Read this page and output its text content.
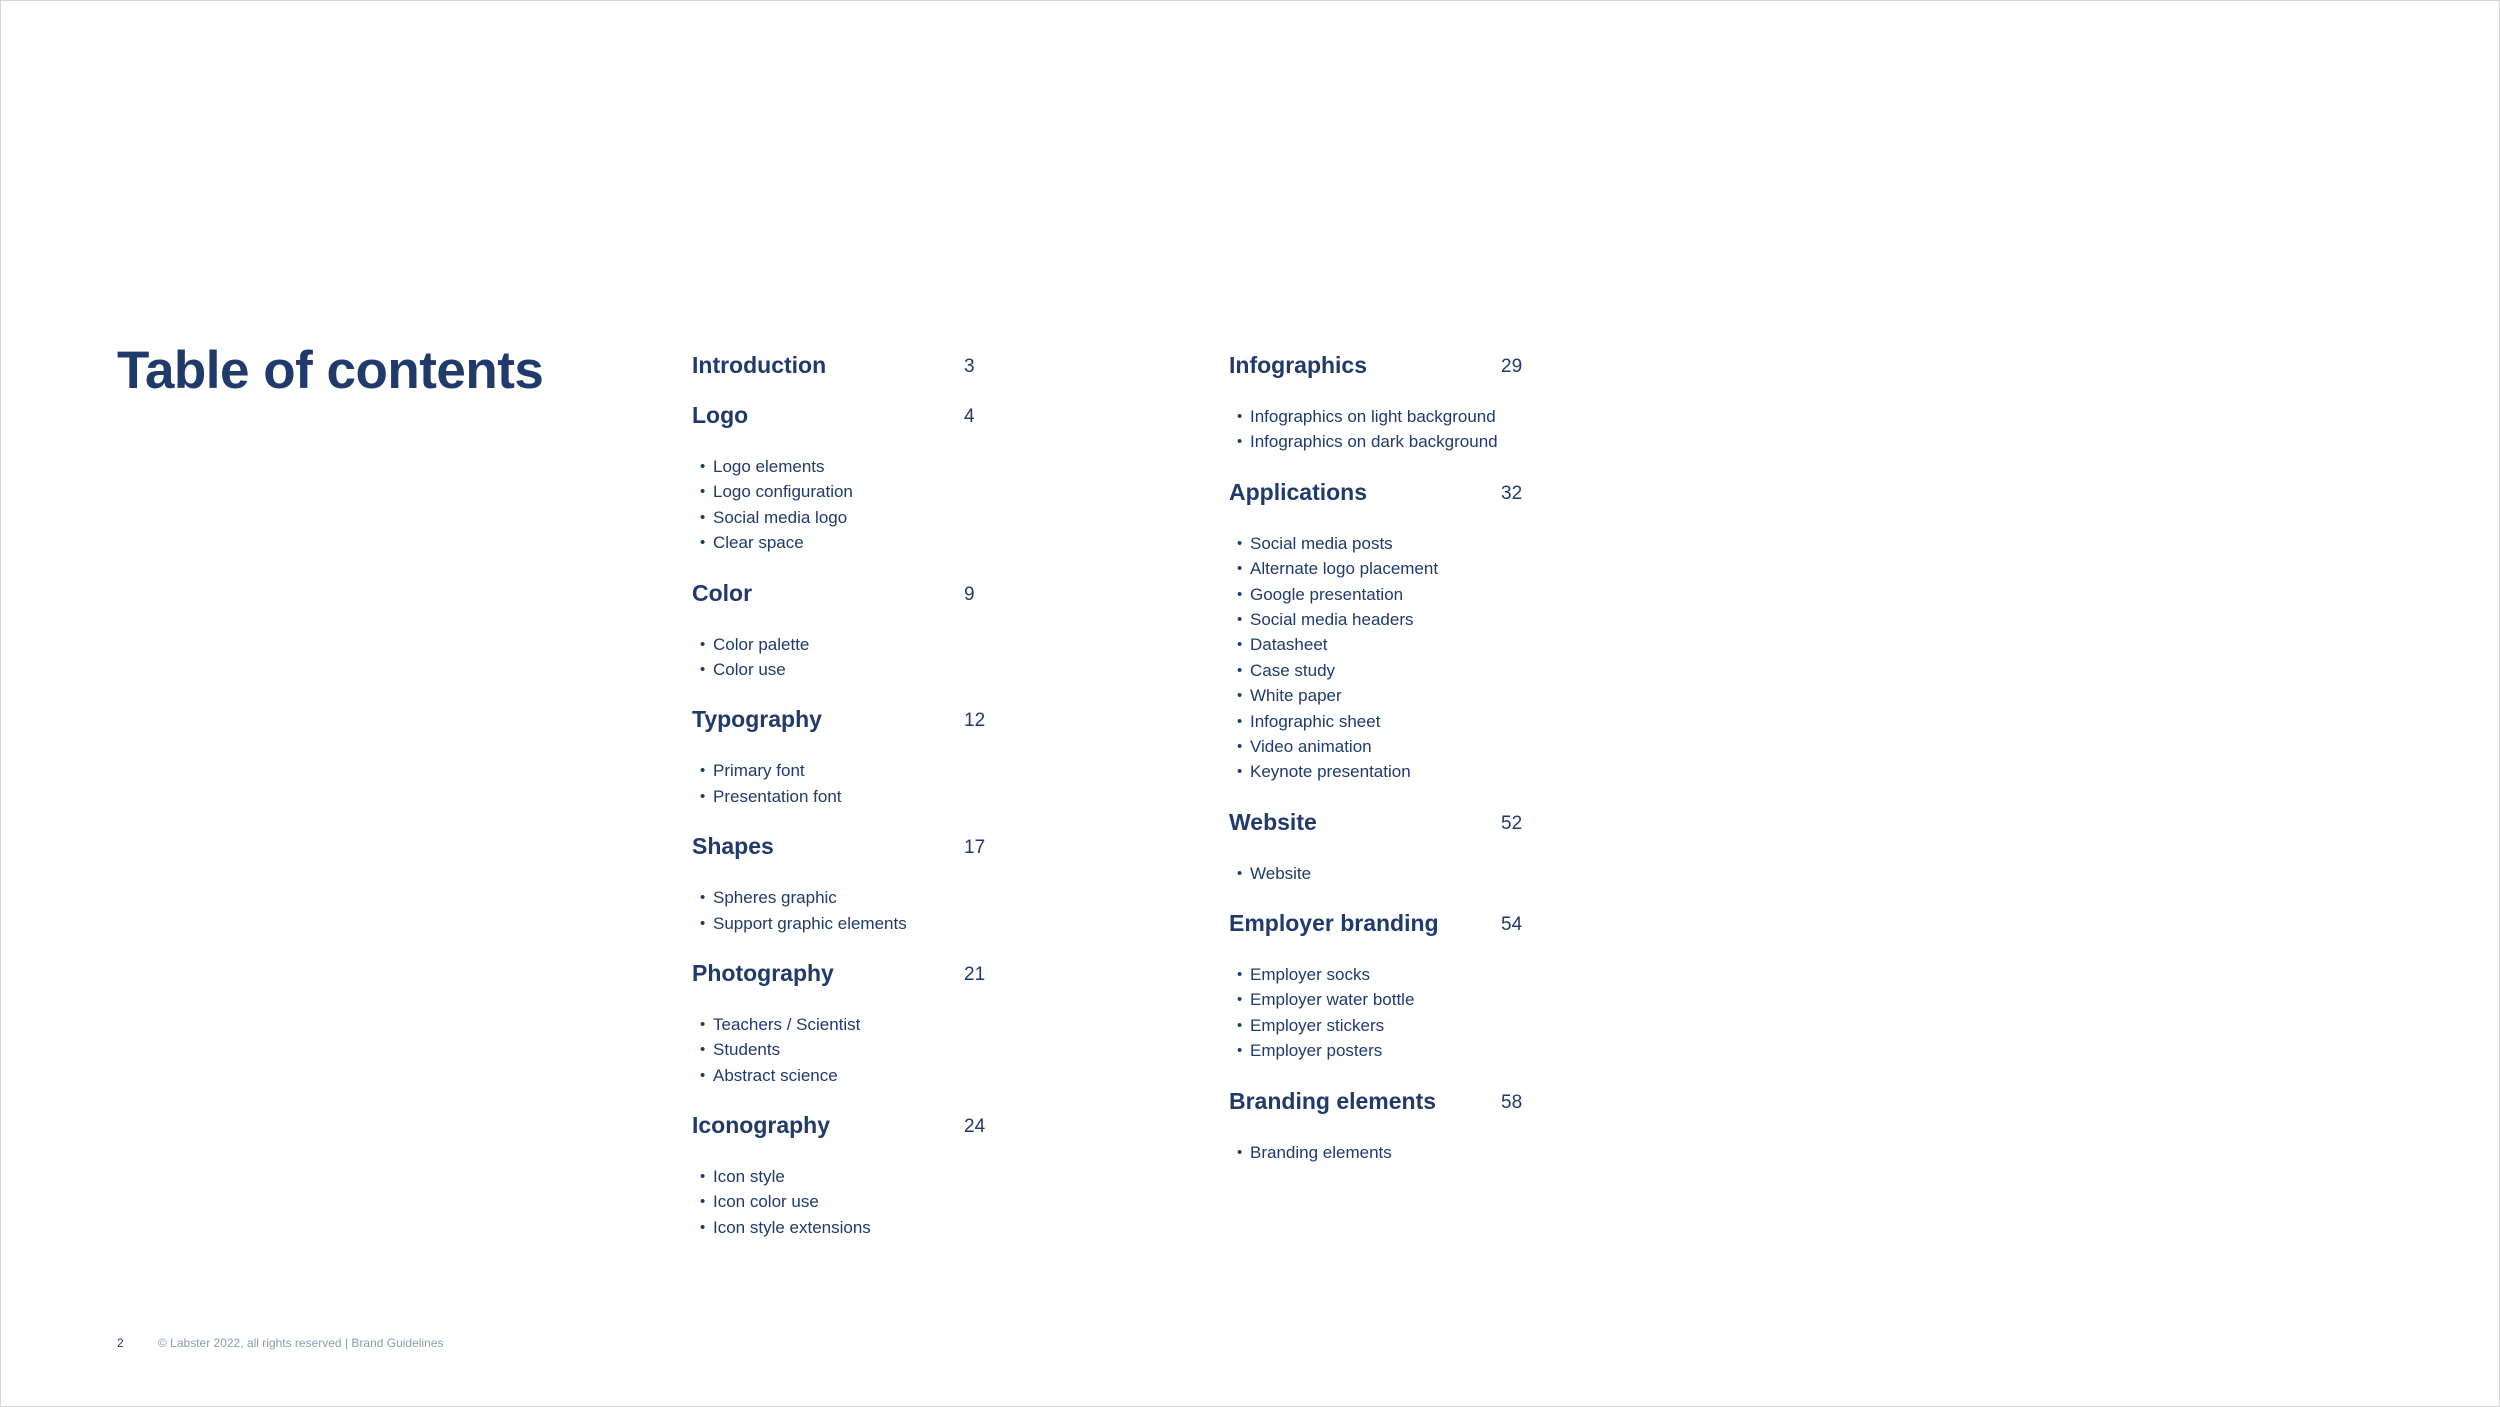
Table of contents	Introduction	3
Logo	4
• Logo elements
• Logo configuration
• Social media logo
• Clear space
Color	9
• Color palette
• Color use
Typography	12
• Primary font
• Presentation font
Shapes	17
• Spheres graphic
• Support graphic elements
Photography	21
• Teachers / Scientist
• Students
• Abstract science
Iconography	24
• Icon style
• Icon color use
• Icon style extensions
Infographics	29
• Infographics on light background
• Infographics on dark background
Applications	32
• Social media posts
• Alternate logo placement
• Google presentation
• Social media headers
• Datasheet
• Case study
• White paper
• Infographic sheet
• Video animation
• Keynote presentation
Website	52
• Website
Employer branding	54
• Employer socks
• Employer water bottle
• Employer stickers
• Employer posters
Branding elements	58
• Branding elements
2	© Labster 2022, all rights reserved | Brand Guidelines
